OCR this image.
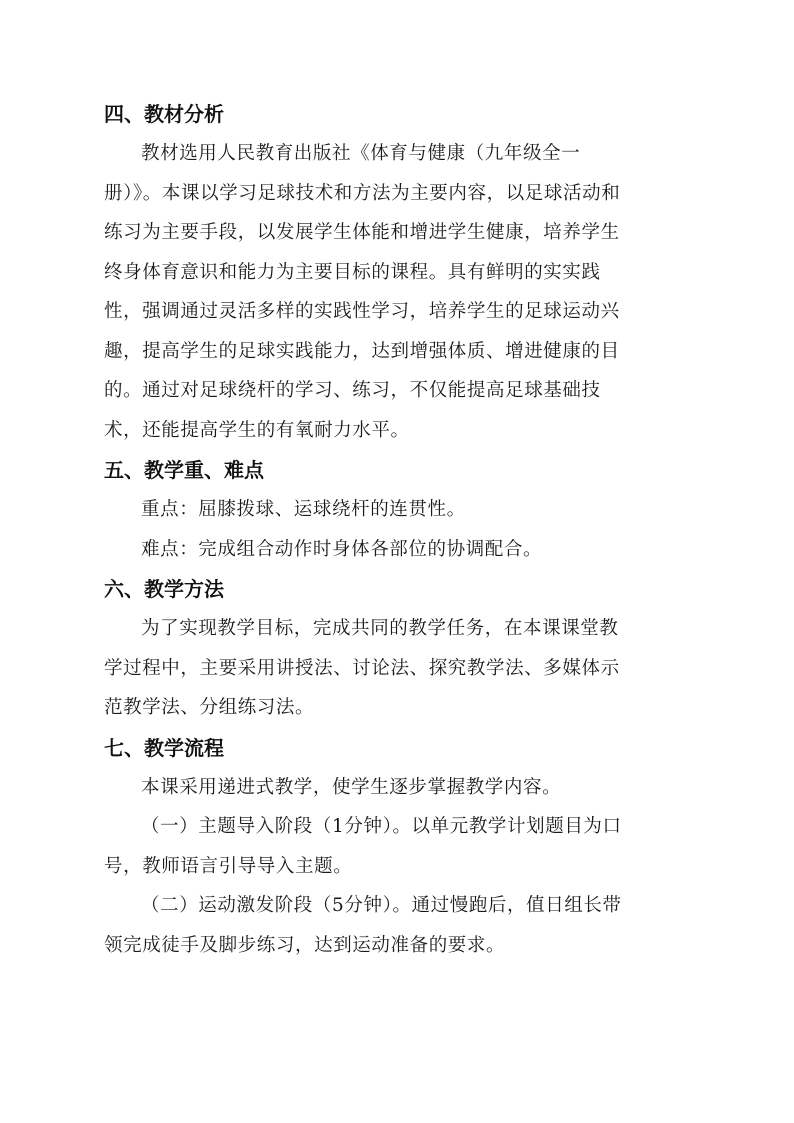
四、教材分析

教材选用人民教育出版社《体育与健康（九年级全一
册）》。本课以学习足球技术和方法为主要内容，以足球活动和
练习为主要手段，以发展学生体能和增进学生健康，培养学生
终身体育意识和能力为主要目标的课程。具有鲜明的实实践
性，强调通过灵活多样的实践性学习，培养学生的足球运动兴
趣，提高学生的足球实践能力，达到增强体质、增进健康的目
的。通过对足球绕杆的学习、练习，不仅能提高足球基础技
术，还能提高学生的有氧耐力水平。

五、教学重、难点

重点：屈膝拨球、运球绕杆的连贯性。

难点：完成组合动作时身体各部位的协调配合。

六、教学方法

为了实现教学目标，完成共同的教学任务，在本课课堂教
学过程中，主要采用讲授法、讨论法、探究教学法、多媒体示
范教学法、分组练习法。

七、教学流程

本课采用递进式教学，使学生逐步掌握教学内容。

（一）主题导入阶段（1分钟）。以单元教学计划题目为口
号，教师语言引导导入主题。

（二）运动激发阶段（5分钟）。通过慢跑后，值日组长带
领完成徒手及脚步练习，达到运动准备的要求。
